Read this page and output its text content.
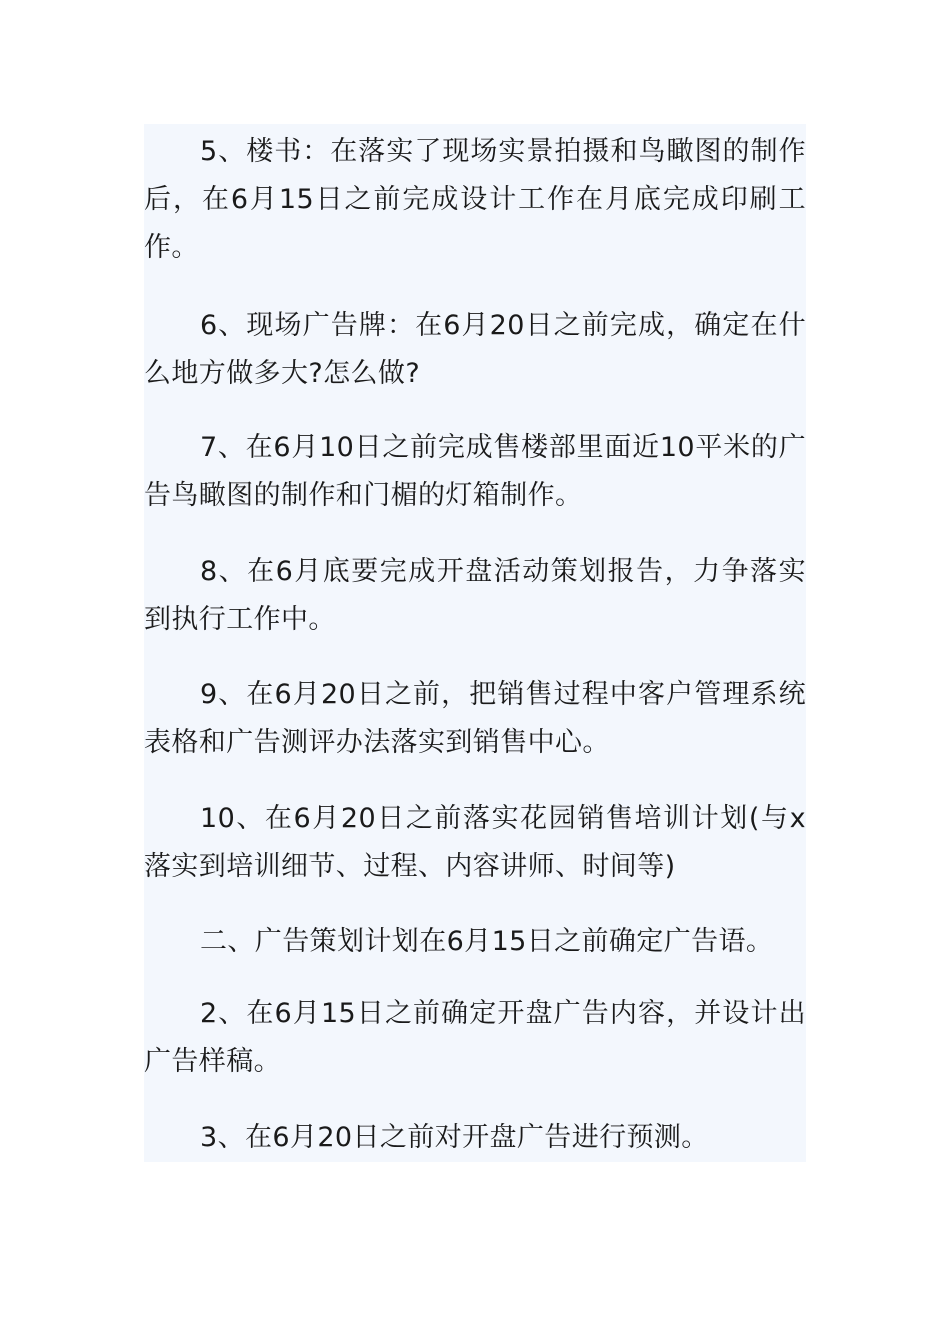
5、楼书：在落实了现场实景拍摄和鸟瞰图的制作后，在6月15日之前完成设计工作在月底完成印刷工作。

6、现场广告牌：在6月20日之前完成，确定在什么地方做多大?怎么做?

7、在6月10日之前完成售楼部里面近10平米的广告鸟瞰图的制作和门楣的灯箱制作。

8、在6月底要完成开盘活动策划报告，力争落实到执行工作中。

9、在6月20日之前，把销售过程中客户管理系统表格和广告测评办法落实到销售中心。

10、在6月20日之前落实花园销售培训计划(与x落实到培训细节、过程、内容讲师、时间等)

二、广告策划计划在6月15日之前确定广告语。

2、在6月15日之前确定开盘广告内容，并设计出广告样稿。

3、在6月20日之前对开盘广告进行预测。
